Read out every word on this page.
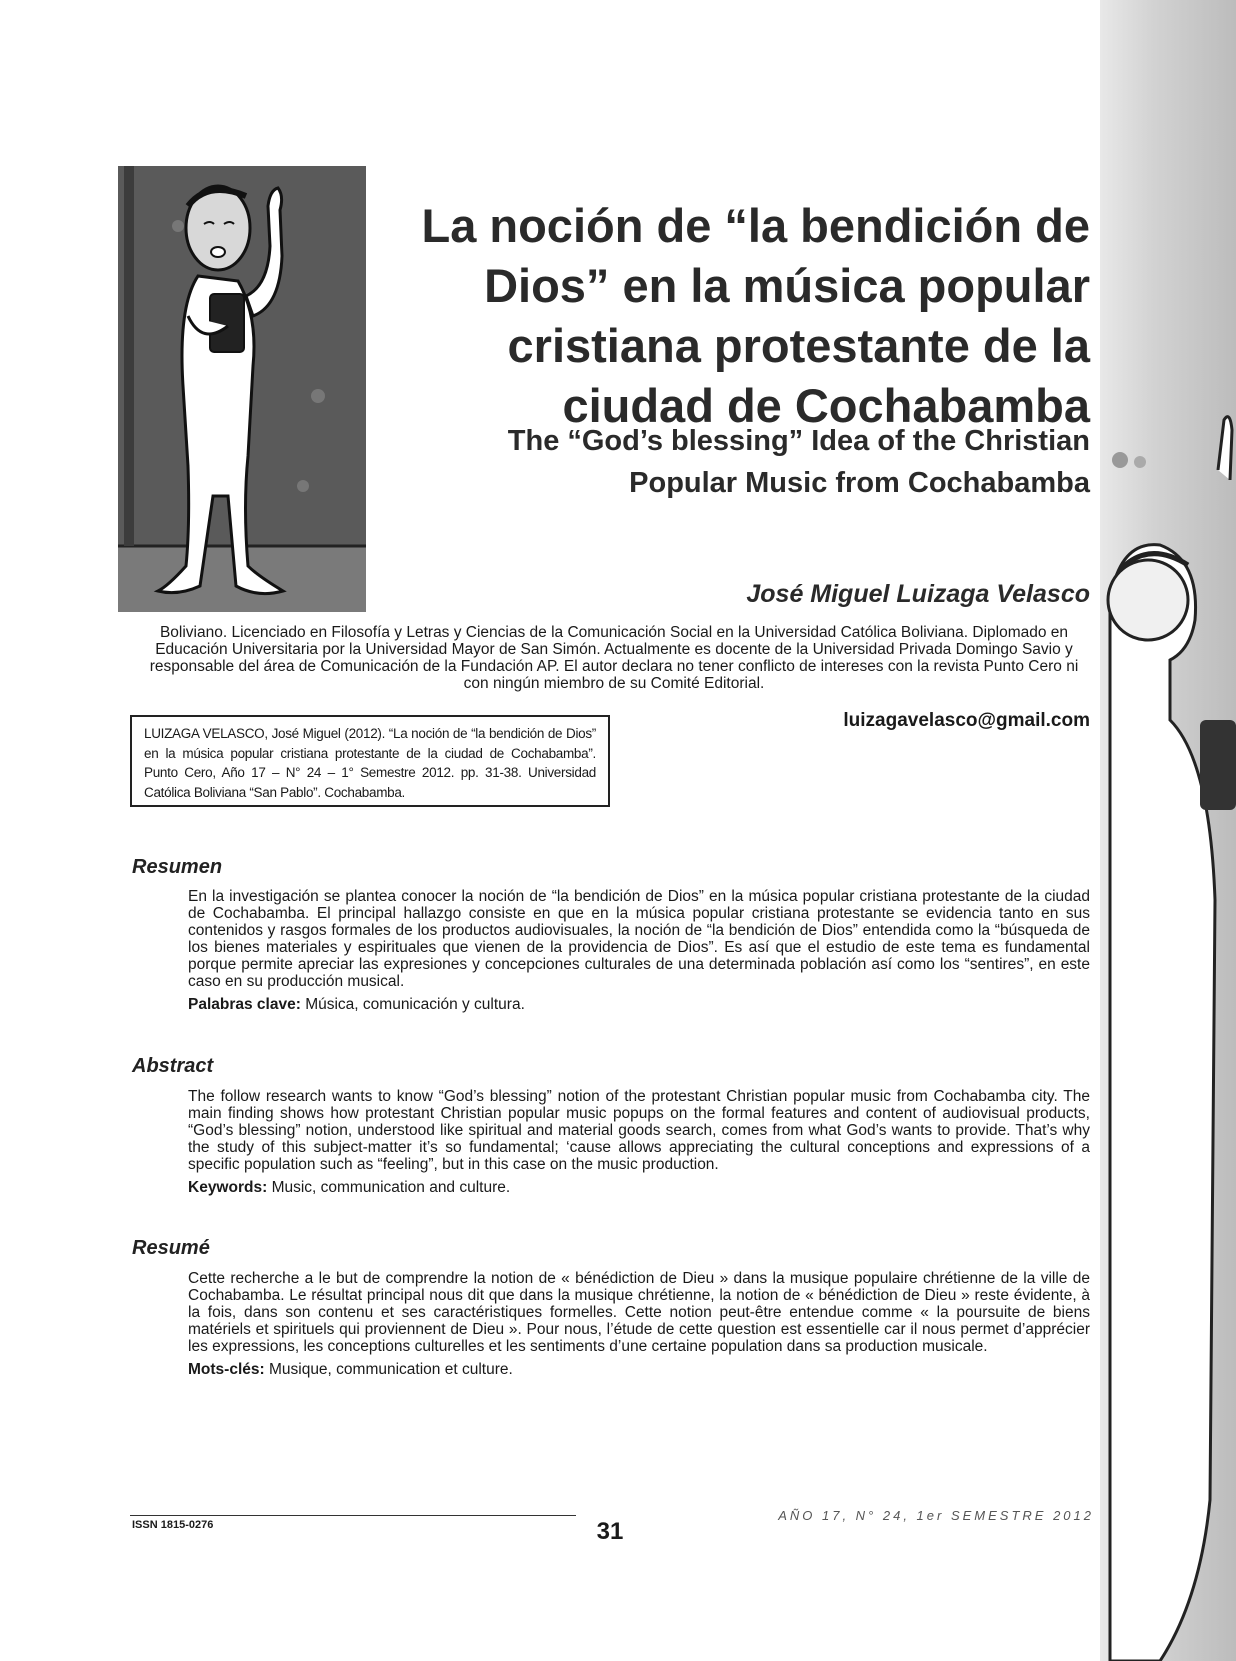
La noción de “la bendición de Dios” en la música popular cristiana protestante de la ciudad de Cochabamba
The “God’s blessing” Idea of the Christian Popular Music from Cochabamba
José Miguel Luizaga Velasco
Boliviano. Licenciado en Filosofía y Letras y Ciencias de la Comunicación Social en la Universidad Católica Boliviana. Diplomado en Educación Universitaria por la Universidad Mayor de San Simón. Actualmente es docente de la Universidad Privada Domingo Savio y responsable del área de Comunicación de la Fundación AP. El autor declara no tener conflicto de intereses con la revista Punto Cero ni con ningún miembro de su Comité Editorial.
LUIZAGA VELASCO, José Miguel (2012). “La noción de “la bendición de Dios” en la música popular cristiana protestante de la ciudad de Cochabamba”. Punto Cero, Año 17 – N° 24 – 1° Semestre 2012. pp. 31-38. Universidad Católica Boliviana “San Pablo”. Cochabamba.
luizagavelasco@gmail.com
Resumen
En la investigación se plantea conocer la noción de “la bendición de Dios” en la música popular cristiana protestante de la ciudad de Cochabamba. El principal hallazgo consiste en que en la música popular cristiana protestante se evidencia tanto en sus contenidos y rasgos formales de los productos audiovisuales, la noción de “la bendición de Dios” entendida como la “búsqueda de los bienes materiales y espirituales que vienen de la providencia de Dios”. Es así que el estudio de este tema es fundamental porque permite apreciar las expresiones y concepciones culturales de una determinada población así como los “sentires”, en este caso en su producción musical.
Palabras clave: Música, comunicación y cultura.
Abstract
The follow research wants to know “God’s blessing” notion of the protestant Christian popular music from Cochabamba city. The main finding shows how protestant Christian popular music popups on the formal features and content of audiovisual products, “God’s blessing” notion, understood like spiritual and material goods search, comes from what God’s wants to provide. That’s why the study of this subject-matter it’s so fundamental; ‘cause allows appreciating the cultural conceptions and expressions of a specific population such as “feeling”, but in this case on the music production.
Keywords: Music, communication and culture.
Resumé
Cette recherche a le but de comprendre la notion de « bénédiction de Dieu » dans la musique populaire chrétienne de la ville de Cochabamba. Le résultat principal nous dit que dans la musique chrétienne, la notion de « bénédiction de Dieu » reste évidente, à la fois, dans son contenu et ses caractéristiques formelles. Cette notion peut-être entendue comme « la poursuite de biens matériels et spirituels qui proviennent de Dieu ». Pour nous, l’étude de cette question est essentielle car il nous permet d’apprécier les expressions, les conceptions culturelles et les sentiments d’une certaine population dans sa production musicale.
Mots-clés: Musique, communication et culture.
ISSN 1815-0276	31
AÑO 17, N° 24, 1er SEMESTRE 2012
